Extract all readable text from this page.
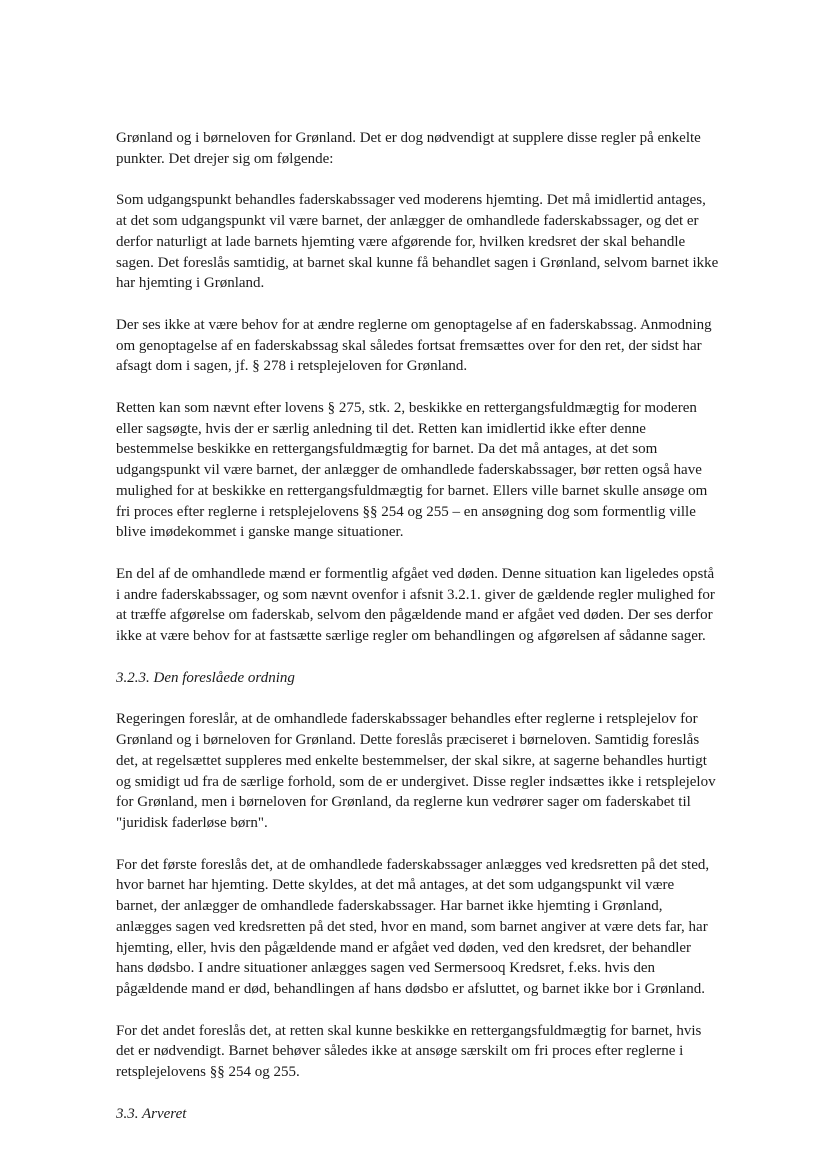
Grønland og i børneloven for Grønland. Det er dog nødvendigt at supplere disse regler på enkelte
punkter. Det drejer sig om følgende:
Som udgangspunkt behandles faderskabssager ved moderens hjemting. Det må imidlertid antages,
at det som udgangspunkt vil være barnet, der anlægger de omhandlede faderskabssager, og det er
derfor naturligt at lade barnets hjemting være afgørende for, hvilken kredsret der skal behandle
sagen. Det foreslås samtidig, at barnet skal kunne få behandlet sagen i Grønland, selvom barnet ikke
har hjemting i Grønland.
Der ses ikke at være behov for at ændre reglerne om genoptagelse af en faderskabssag. Anmodning
om genoptagelse af en faderskabssag skal således fortsat fremsættes over for den ret, der sidst har
afsagt dom i sagen, jf. § 278 i retsplejeloven for Grønland.
Retten kan som nævnt efter lovens § 275, stk. 2, beskikke en rettergangsfuldmægtig for moderen
eller sagsøgte, hvis der er særlig anledning til det. Retten kan imidlertid ikke efter denne
bestemmelse beskikke en rettergangsfuldmægtig for barnet. Da det må antages, at det som
udgangspunkt vil være barnet, der anlægger de omhandlede faderskabssager, bør retten også have
mulighed for at beskikke en rettergangsfuldmægtig for barnet. Ellers ville barnet skulle ansøge om
fri proces efter reglerne i retsplejelovens §§ 254 og 255 – en ansøgning dog som formentlig ville
blive imødekommet i ganske mange situationer.
En del af de omhandlede mænd er formentlig afgået ved døden. Denne situation kan ligeledes opstå
i andre faderskabssager, og som nævnt ovenfor i afsnit 3.2.1. giver de gældende regler mulighed for
at træffe afgørelse om faderskab, selvom den pågældende mand er afgået ved døden. Der ses derfor
ikke at være behov for at fastsætte særlige regler om behandlingen og afgørelsen af sådanne sager.
3.2.3. Den foreslåede ordning
Regeringen foreslår, at de omhandlede faderskabssager behandles efter reglerne i retsplejelov for
Grønland og i børneloven for Grønland. Dette foreslås præciseret i børneloven. Samtidig foreslås
det, at regelsættet suppleres med enkelte bestemmelser, der skal sikre, at sagerne behandles hurtigt
og smidigt ud fra de særlige forhold, som de er undergivet. Disse regler indsættes ikke i retsplejelov
for Grønland, men i børneloven for Grønland, da reglerne kun vedrører sager om faderskabet til
"juridisk faderløse børn".
For det første foreslås det, at de omhandlede faderskabssager anlægges ved kredsretten på det sted,
hvor barnet har hjemting. Dette skyldes, at det må antages, at det som udgangspunkt vil være
barnet, der anlægger de omhandlede faderskabssager. Har barnet ikke hjemting i Grønland,
anlægges sagen ved kredsretten på det sted, hvor en mand, som barnet angiver at være dets far, har
hjemting, eller, hvis den pågældende mand er afgået ved døden, ved den kredsret, der behandler
hans dødsbo. I andre situationer anlægges sagen ved Sermersooq Kredsret, f.eks. hvis den
pågældende mand er død, behandlingen af hans dødsbo er afsluttet, og barnet ikke bor i Grønland.
For det andet foreslås det, at retten skal kunne beskikke en rettergangsfuldmægtig for barnet, hvis
det er nødvendigt. Barnet behøver således ikke at ansøge særskilt om fri proces efter reglerne i
retsplejelovens §§ 254 og 255.
3.3. Arveret
